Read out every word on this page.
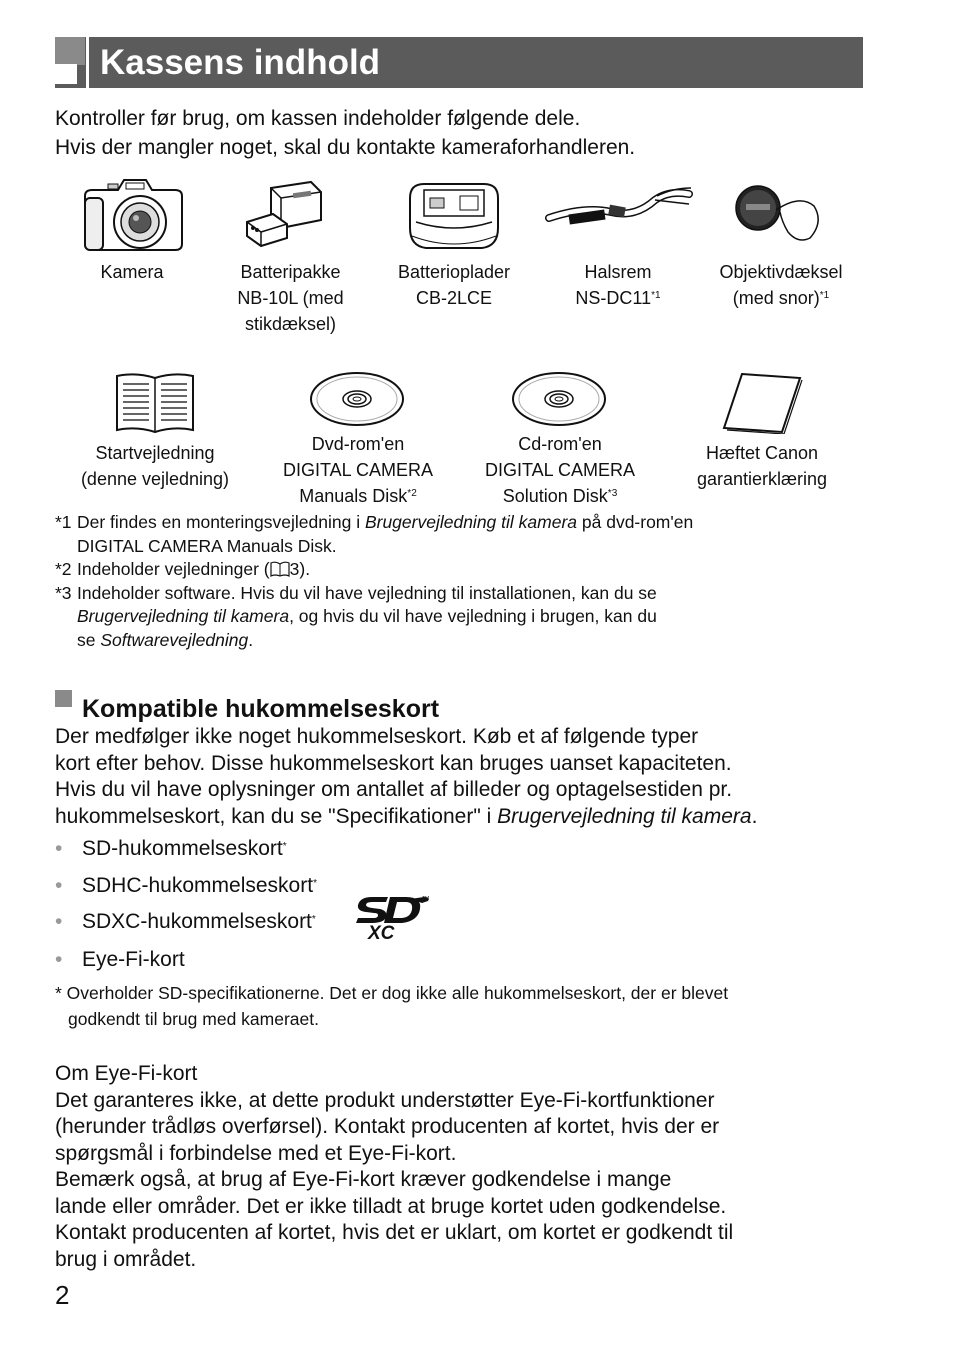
Kassens indhold
Kontroller før brug, om kassen indeholder følgende dele.
Hvis der mangler noget, skal du kontakte kameraforhandleren.
Kamera	Batteripakke
NB-10L (med
stikdæksel)
Batterioplader
CB-2LCE
Halsrem
NS-DC11$^{*1}$
Objektivdæksel
(med snor)$^{*1}$
Startvejledning
(denne vejledning)
Dvd-rom'en
DIGITAL CAMERA
Manuals Disk$^{*2}$
Cd-rom'en
DIGITAL CAMERA
Solution Disk$^{*3}$
Hæftet Canon
garantierklæring
*1 Der findes en monteringsvejledning i Brugervejledning til kamera på dvd-rom'en
DIGITAL CAMERA Manuals Disk.
*2 Indeholder vejledninger ( 3).
*3 Indeholder software. Hvis du vil have vejledning til installationen, kan du se
Brugervejledning til kamera, og hvis du vil have vejledning i brugen, kan du
se Softwarevejledning.
Kompatible hukommelseskort
Der medfølger ikke noget hukommelseskort. Køb et af følgende typer
kort efter behov. Disse hukommelseskort kan bruges uanset kapaciteten.
Hvis du vil have oplysninger om antallet af billeder og optagelsestiden pr.
hukommelseskort, kan du se "Specifikationer" i Brugervejledning til kamera.
• SD-hukommelseskort*
• SDHC-hukommelseskort*
• SDXC-hukommelseskort*
• Eye-Fi-kort
XC
TM
* Overholder SD-specifikationerne. Det er dog ikke alle hukommelseskort, der er blevet
godkendt til brug med kameraet.
Om Eye-Fi-kort
Det garanteres ikke, at dette produkt understøtter Eye-Fi-kortfunktioner
(herunder trådløs overførsel). Kontakt producenten af kortet, hvis der er
spørgsmål i forbindelse med et Eye-Fi-kort.
Bemærk også, at brug af Eye-Fi-kort kræver godkendelse i mange
lande eller områder. Det er ikke tilladt at bruge kortet uden godkendelse.
Kontakt producenten af kortet, hvis det er uklart, om kortet er godkendt til
brug i området.
2
